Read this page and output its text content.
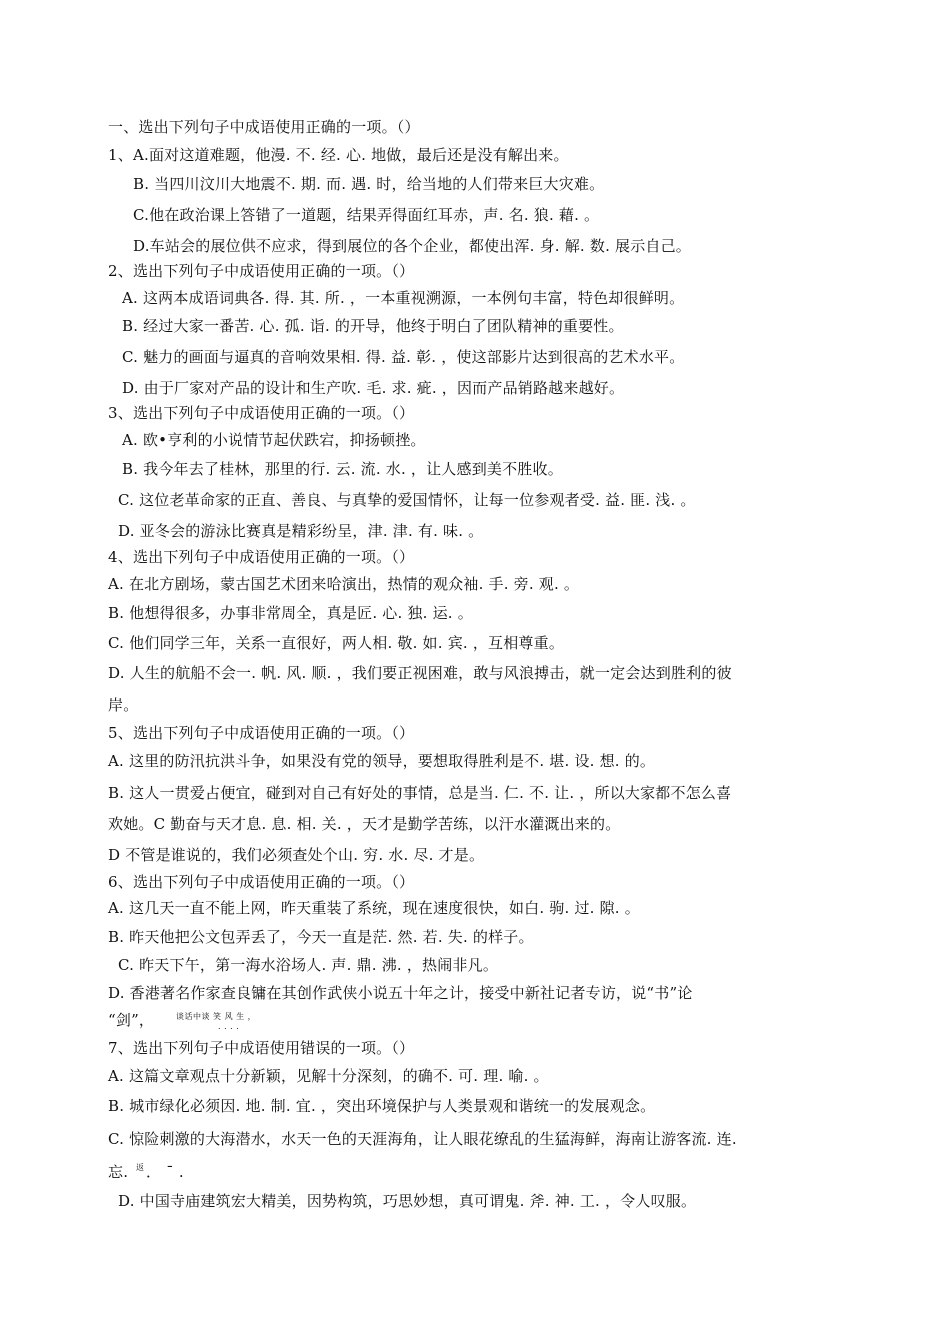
一、选出下列句子中成语使用正确的一项。（）
1、A.面对这道难题，他漫. 不. 经. 心. 地做，最后还是没有解出来。
B. 当四川汶川大地震不. 期. 而. 遇. 时，给当地的人们带来巨大灾难。
C.他在政治课上答错了一道题，结果弄得面红耳赤，声. 名. 狼. 藉. 。
D.车站会的展位供不应求，得到展位的各个企业，都使出浑. 身. 解. 数. 展示自己。
2、选出下列句子中成语使用正确的一项。（）
A. 这两本成语词典各. 得. 其. 所. ，一本重视溯源，一本例句丰富，特色却很鲜明。
B. 经过大家一番苦. 心. 孤. 诣. 的开导，他终于明白了团队精神的重要性。
C. 魅力的画面与逼真的音响效果相. 得. 益. 彰. ，使这部影片达到很高的艺术水平。
D. 由于厂家对产品的设计和生产吹. 毛. 求. 疵. ，因而产品销路越来越好。
3、选出下列句子中成语使用正确的一项。（）
A. 欧•亨利的小说情节起伏跌宕，抑扬顿挫。
B. 我今年去了桂林，那里的行. 云. 流. 水. ，让人感到美不胜收。
C. 这位老革命家的正直、善良、与真挚的爱国情怀，让每一位参观者受. 益. 匪. 浅. 。
D. 亚冬会的游泳比赛真是精彩纷呈，津. 津. 有. 味. 。
4、选出下列句子中成语使用正确的一项。（）
A. 在北方剧场，蒙古国艺术团来哈演出，热情的观众袖. 手. 旁. 观. 。
B. 他想得很多，办事非常周全，真是匠. 心. 独. 运. 。
C. 他们同学三年，关系一直很好，两人相. 敬. 如. 宾. ，互相尊重。
D. 人生的航船不会一. 帆. 风. 顺. ，我们要正视困难，敢与风浪搏击，就一定会达到胜利的彼
岸。
5、选出下列句子中成语使用正确的一项。（）
A. 这里的防汛抗洪斗争，如果没有党的领导，要想取得胜利是不. 堪. 设. 想. 的。
B. 这人一贯爱占便宜，碰到对自己有好处的事情，总是当. 仁. 不. 让. ，所以大家都不怎么喜
欢她。C 勤奋与天才息. 息. 相. 关. ，天才是勤学苦练，以汗水灌溉出来的。
D 不管是谁说的，我们必须查处个山. 穷. 水. 尽. 才是。
6、选出下列句子中成语使用正确的一项。（）
A. 这几天一直不能上网，昨天重装了系统，现在速度很快，如白. 驹. 过. 隙. 。
B. 昨天他把公文包弄丢了，今天一直是茫. 然. 若. 失. 的样子。
C. 昨天下午，第一海水浴场人. 声. 鼎. 沸. ，热闹非凡。
D. 香港著名作家查良镛在其创作武侠小说五十年之计，接受中新社记者专访，说“书”论
“剑”，	谈话中谈 笑 风 生 ，
. . . .
7、选出下列句子中成语使用错误的一项。（）
A. 这篇文章观点十分新颖，见解十分深刻，的确不. 可. 理. 喻. 。
B. 城市绿化必须因. 地. 制. 宜. ，突出环境保护与人类景观和谐统一的发展观念。
C. 惊险刺激的大海潜水，水天一色的天涯海角，让人眼花缭乱的生猛海鲜，海南让游客流. 连.
忘. 返 ． ˉ .
D. 中国寺庙建筑宏大精美，因势构筑，巧思妙想，真可谓鬼. 斧. 神. 工. ，令人叹服。
